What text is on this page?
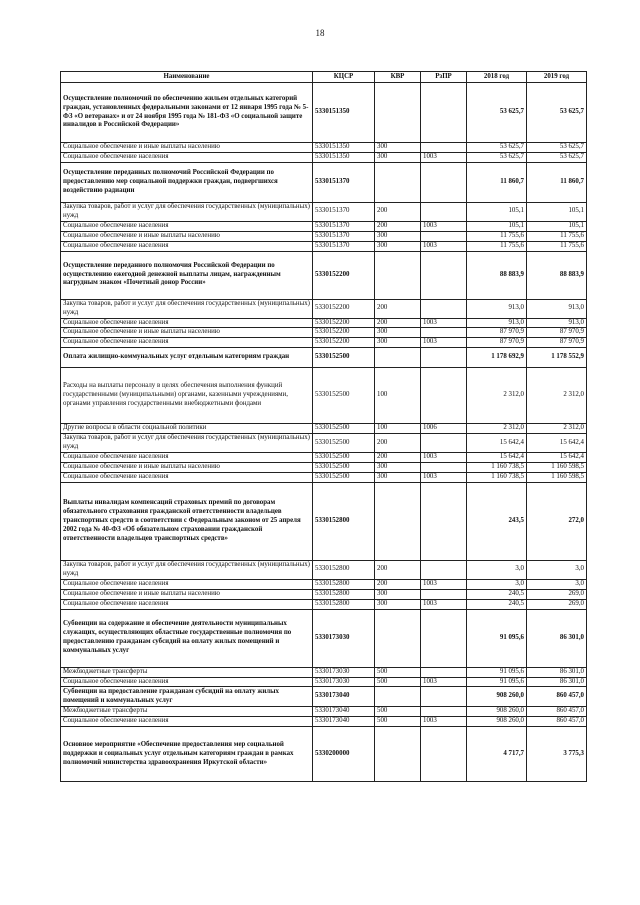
18
Наименование	КЦСР	КВР	РзПР	2018 год	2019 год
Осуществление полномочий по обеспечению жильем отдельных категорий граждан, установленных федеральными законами от 12 января 1995 года № 5-ФЗ «О ветеранах» и от 24 ноября 1995 года № 181-ФЗ «О социальной защите инвалидов в Российской Федерации»	5330151350			53 625,7	53 625,7
Социальное обеспечение и иные выплаты населению	5330151350	300		53 625,7	53 625,7
Социальное обеспечение населения	5330151350	300	1003	53 625,7	53 625,7
Осуществление переданных полномочий Российской Федерации по предоставлению мер социальной поддержки граждан, подвергшихся воздействию радиации	5330151370			11 860,7	11 860,7
Закупка товаров, работ и услуг для обеспечения государственных (муниципальных) нужд	5330151370	200		105,1	105,1
Социальное обеспечение населения	5330151370	200	1003	105,1	105,1
Социальное обеспечение и иные выплаты населению	5330151370	300		11 755,6	11 755,6
Социальное обеспечение населения	5330151370	300	1003	11 755,6	11 755,6
Осуществление переданного полномочия Российской Федерации по осуществлению ежегодной денежной выплаты лицам, награжденным нагрудным знаком «Почетный донор России»	5330152200			88 883,9	88 883,9
Закупка товаров, работ и услуг для обеспечения государственных (муниципальных) нужд	5330152200	200		913,0	913,0
Социальное обеспечение населения	5330152200	200	1003	913,0	913,0
Социальное обеспечение и иные выплаты населению	5330152200	300		87 970,9	87 970,9
Социальное обеспечение населения	5330152200	300	1003	87 970,9	87 970,9
Оплата жилищно-коммунальных услуг отдельным категориям граждан	5330152500			1 178 692,9	1 178 552,9
Расходы на выплаты персоналу в целях обеспечения выполнения функций государственными (муниципальными) органами, казенными учреждениями, органами управления государственными внебюджетными фондами	5330152500	100		2 312,0	2 312,0
Другие вопросы в области социальной политики	5330152500	100	1006	2 312,0	2 312,0
Закупка товаров, работ и услуг для обеспечения государственных (муниципальных) нужд	5330152500	200		15 642,4	15 642,4
Социальное обеспечение населения	5330152500	200	1003	15 642,4	15 642,4
Социальное обеспечение и иные выплаты населению	5330152500	300		1 160 738,5	1 160 598,5
Социальное обеспечение населения	5330152500	300	1003	1 160 738,5	1 160 598,5
Выплаты инвалидам компенсаций страховых премий по договорам обязательного страхования гражданской ответственности владельцев транспортных средств в соответствии с Федеральным законом от 25 апреля 2002 года № 40-ФЗ «Об обязательном страховании гражданской ответственности владельцев транспортных средств»	5330152800			243,5	272,0
Закупка товаров, работ и услуг для обеспечения государственных (муниципальных) нужд	5330152800	200		3,0	3,0
Социальное обеспечение населения	5330152800	200	1003	3,0	3,0
Социальное обеспечение и иные выплаты населению	5330152800	300		240,5	269,0
Социальное обеспечение населения	5330152800	300	1003	240,5	269,0
Субвенции на содержание и обеспечение деятельности муниципальных служащих, осуществляющих областные государственные полномочия по предоставлению гражданам субсидий на оплату жилых помещений и коммунальных услуг	5330173030			91 095,6	86 301,0
Межбюджетные трансферты	5330173030	500		91 095,6	86 301,0
Социальное обеспечение населения	5330173030	500	1003	91 095,6	86 301,0
Субвенции на предоставление гражданам субсидий на оплату жилых помещений и коммунальных услуг	5330173040			908 260,0	860 457,0
Межбюджетные трансферты	5330173040	500		908 260,0	860 457,0
Социальное обеспечение населения	5330173040	500	1003	908 260,0	860 457,0
Основное мероприятие «Обеспечение предоставления мер социальной поддержки и социальных услуг отдельным категориям граждан в рамках полномочий министерства здравоохранения Иркутской области»	5330200000			4 717,7	3 775,3
